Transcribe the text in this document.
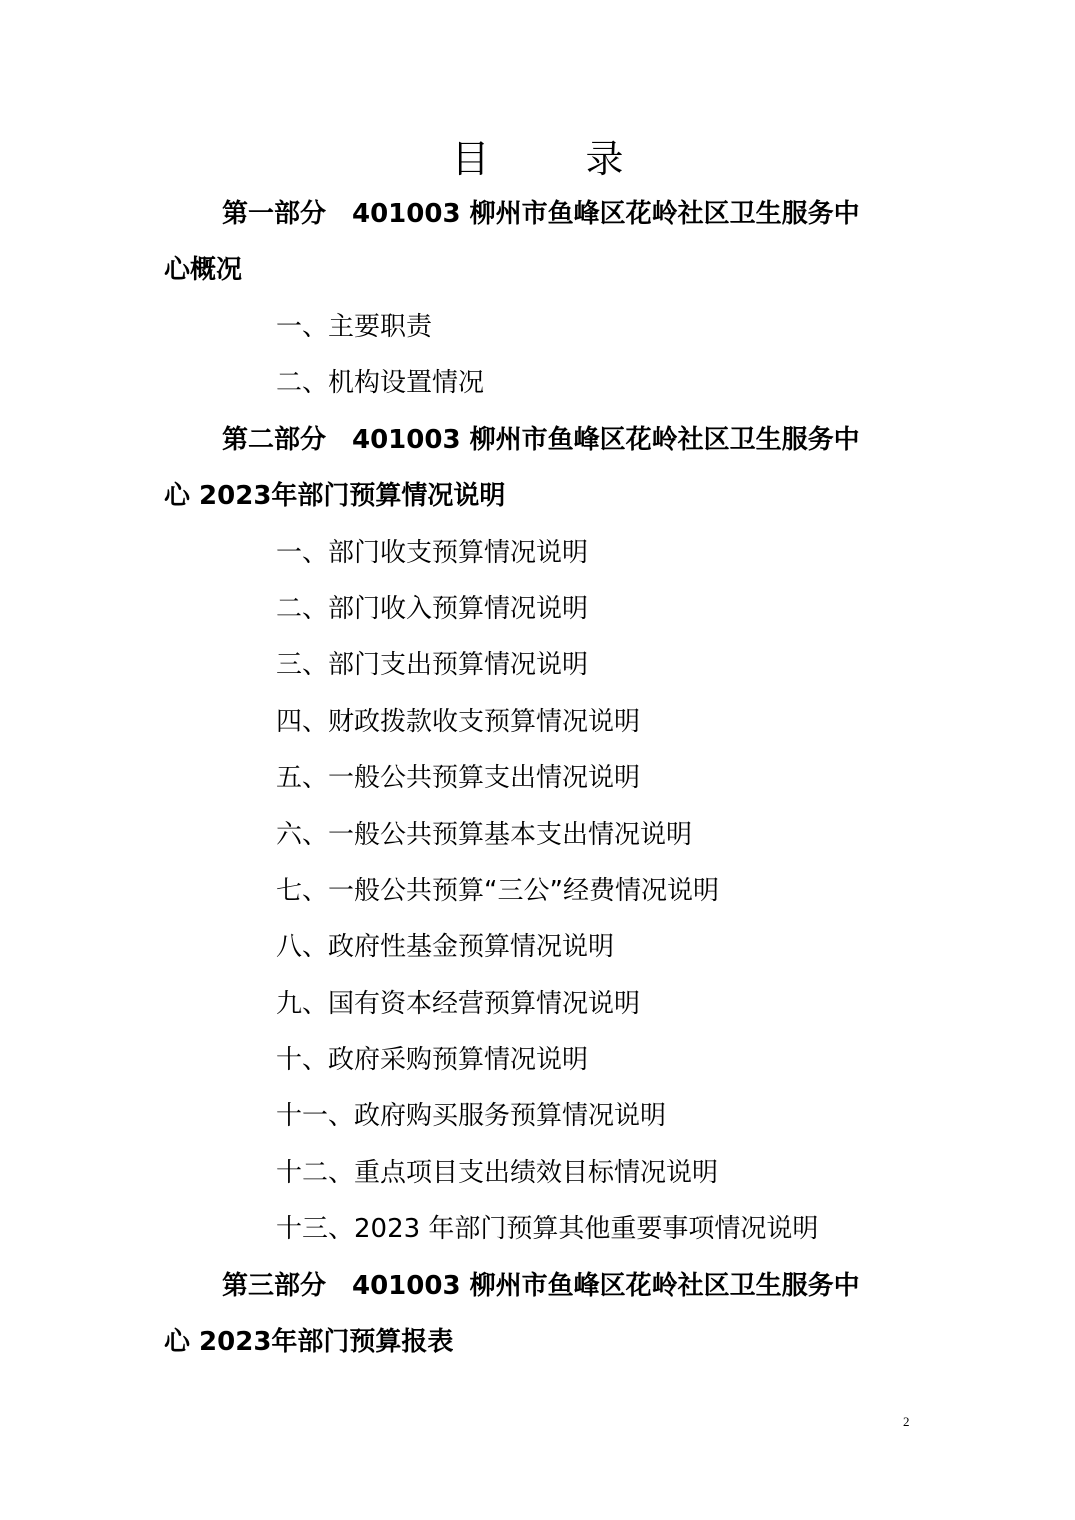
目 录
第一部分　401003 柳州市鱼峰区花岭社区卫生服务中
心概况
一、主要职责
二、机构设置情况
第二部分　401003 柳州市鱼峰区花岭社区卫生服务中
心 2023年部门预算情况说明
一、部门收支预算情况说明
二、部门收入预算情况说明
三、部门支出预算情况说明
四、财政拨款收支预算情况说明
五、一般公共预算支出情况说明
六、一般公共预算基本支出情况说明
七、一般公共预算“三公”经费情况说明
八、政府性基金预算情况说明
九、国有资本经营预算情况说明
十、政府采购预算情况说明
十一、政府购买服务预算情况说明
十二、重点项目支出绩效目标情况说明
十三、2023 年部门预算其他重要事项情况说明
第三部分　401003 柳州市鱼峰区花岭社区卫生服务中
心 2023年部门预算报表
2
